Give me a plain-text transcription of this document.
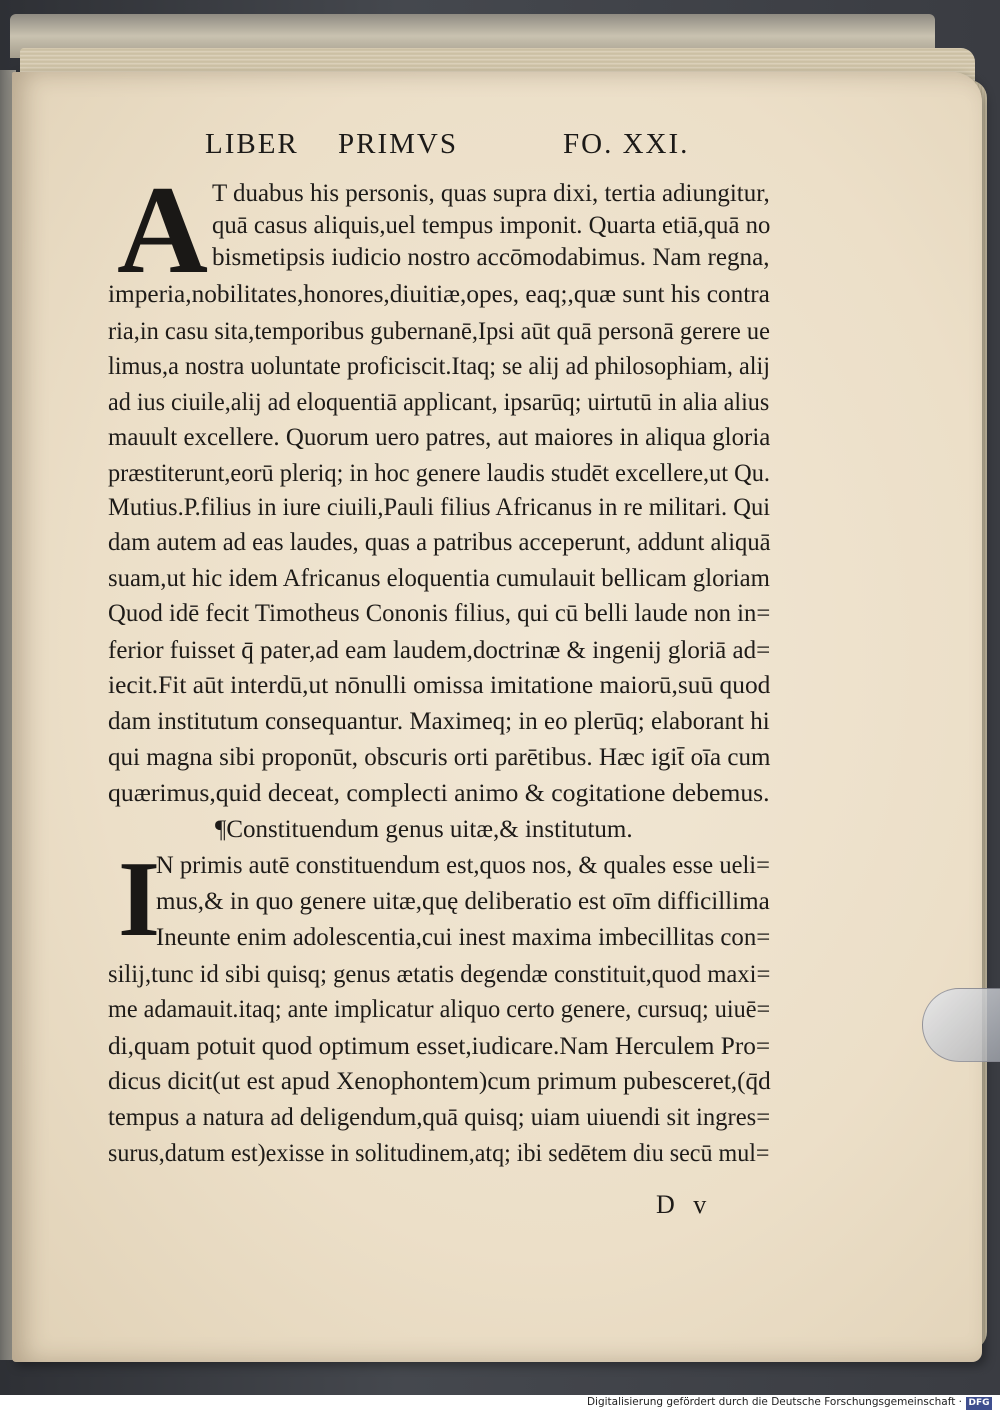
LIBER PRIMVS	FO. XXI.
A
I
T duabus his personis, quas supra dixi, tertia adiungitur,
quā casus aliquis,uel tempus imponit. Quarta etiā,quā no
bismetipsis iudicio nostro accōmodabimus. Nam regna,
imperia,nobilitates,honores,diuitiæ,opes, eaq;,quæ sunt his contra
ria,in casu sita,temporibus gubernanē,Ipsi aūt quā personā gerere ue
limus,a nostra uoluntate proficiscit.Itaq; se alij ad philosophiam, alij
ad ius ciuile,alij ad eloquentiā applicant, ipsarūq; uirtutū in alia alius
mauult excellere. Quorum uero patres, aut maiores in aliqua gloria
præstiterunt,eorū pleriq; in hoc genere laudis studēt excellere,ut Qu.
Mutius.P.filius in iure ciuili,Pauli filius Africanus in re militari. Qui
dam autem ad eas laudes, quas a patribus acceperunt, addunt aliquā
suam,ut hic idem Africanus eloquentia cumulauit bellicam gloriam
Quod idē fecit Timotheus Cononis filius, qui cū belli laude non in=
ferior fuisset q̄ pater,ad eam laudem,doctrinæ & ingenij gloriā ad=
iecit.Fit aūt interdū,ut nōnulli omissa imitatione maiorū,suū quod
dam institutum consequantur. Maximeq; in eo plerūq; elaborant hi
qui magna sibi proponūt, obscuris orti parētibus. Hæc igit̄ oīa cum
quærimus,quid deceat, complecti animo & cogitatione debemus.
¶Constituendum genus uitæ,& institutum.
N primis autē constituendum est,quos nos, & quales esse ueli=
mus,& in quo genere uitæ,quę deliberatio est oīm difficillima
Ineunte enim adolescentia,cui inest maxima imbecillitas con=
silij,tunc id sibi quisq; genus ætatis degendæ constituit,quod maxi=
me adamauit.itaq; ante implicatur aliquo certo genere, cursuq; uiuē=
di,quam potuit quod optimum esset,iudicare.Nam Herculem Pro=
dicus dicit(ut est apud Xenophontem)cum primum pubesceret,(q̄d
tempus a natura ad deligendum,quā quisq; uiam uiuendi sit ingres=
surus,datum est)exisse in solitudinem,atq; ibi sedētem diu secū mul=
D v
Digitalisierung gefördert durch die Deutsche Forschungsgemeinschaft · DFG
